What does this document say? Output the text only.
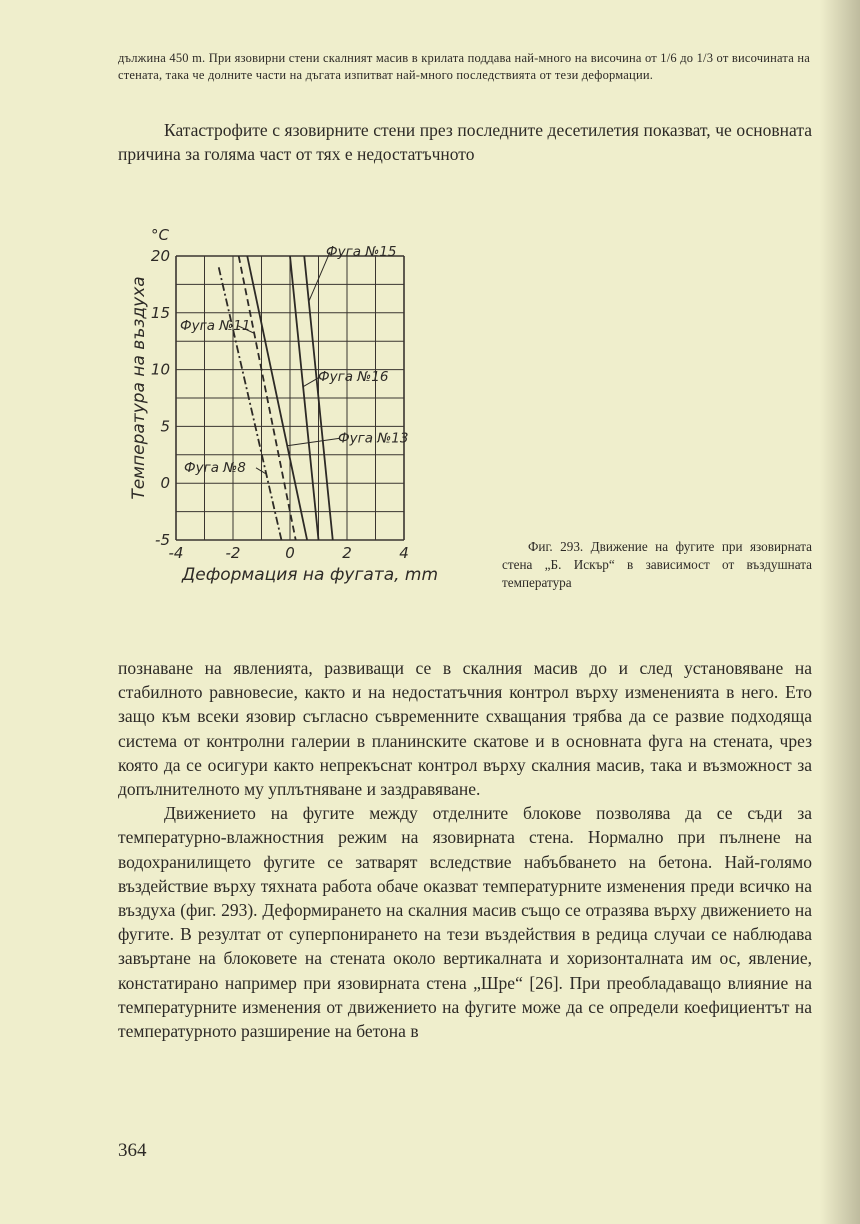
дължина 450 m. При язовирни стени скалният масив в крилата поддава най-много на височина от 1/6 до 1/3 от височината на стената, така че долните части на дъгата изпитват най-много последствията от тези деформации.

Катастрофите с язовирните стени през последните десетилетия показват, че основната причина за голяма част от тях е недостатъчното

-4	-2	0	2	4
20
15
10
5
0
-5
°C
Температура на въздуха
Деформация на фугата, mm
Фуга №15
Фуга №16
Фуга №11
Фуга №13
Фуга №8
Фиг. 293. Движение на фугите при язовирната стена „Б. Искър“ в зависимост от въздушната температура

познаване на явленията, развиващи се в скалния масив до и след установяване на стабилното равновесие, както и на недостатъчния контрол върху измененията в него. Ето защо към всеки язовир съгласно съвременните схващания трябва да се развие подходяща система от контролни галерии в планинските скатове и в основната фуга на стената, чрез която да се осигури както непрекъснат контрол върху скалния масив, така и възможност за допълнителното му уплътняване и заздравяване.

Движението на фугите между отделните блокове позволява да се съди за температурно-влажностния режим на язовирната стена. Нормално при пълнене на водохранилището фугите се затварят вследствие набъбването на бетона. Най-голямо въздействие върху тяхната работа обаче оказват температурните изменения преди всичко на въздуха (фиг. 293). Деформирането на скалния масив също се отразява върху движението на фугите. В резултат от суперпонирането на тези въздействия в редица случаи се наблюдава завъртане на блоковете на стената около вертикалната и хоризонталната им ос, явление, констатирано например при язовирната стена „Шре“ [26]. При преобладаващо влияние на температурните изменения от движението на фугите може да се определи коефициентът на температурното разширение на бетона в

364
